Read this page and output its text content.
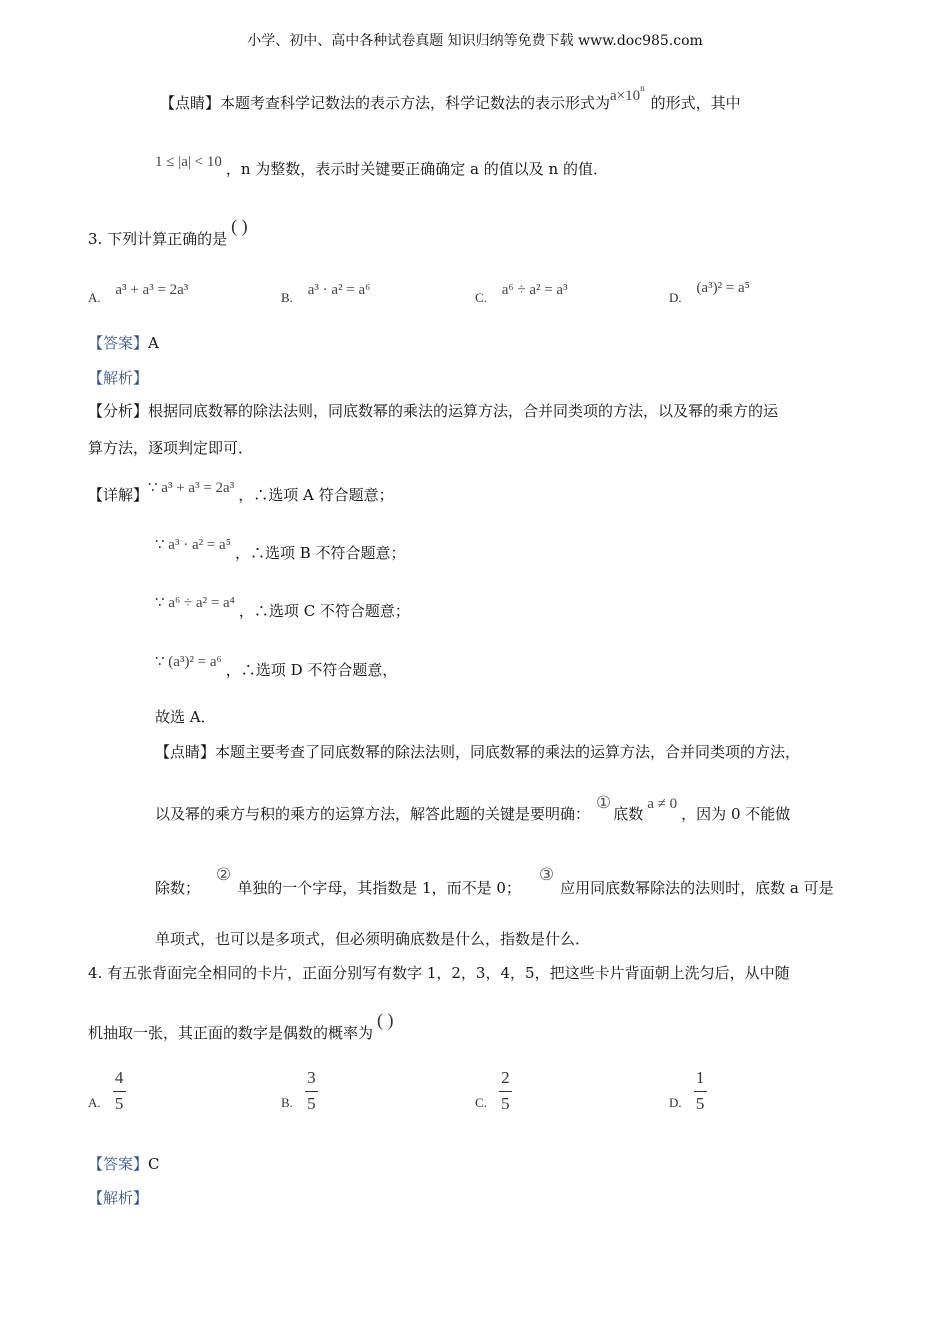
小学、初中、高中各种试卷真题 知识归纳等免费下载 www.doc985.com
【点睛】本题考查科学记数法的表示方法，科学记数法的表示形式为$a\times 10^n$的形式，其中
1 ≤ |a| < 10 ，n 为整数，表示时关键要正确确定 a 的值以及 n 的值．
3. 下列计算正确的是( )
A. a³ + a³ = 2a³	B. a³ · a² = a⁶	C. a⁶ ÷ a² = a³	D. (a³)² = a⁵
【答案】A
【解析】
【分析】根据同底数幂的除法法则，同底数幂的乘法的运算方法，合并同类项的方法，以及幂的乘方的运
算方法，逐项判定即可．
【详解】∵ a³ + a³ = 2a³ ，∴选项 A 符合题意；
∵ a³ · a² = a⁵ ，∴选项 B 不符合题意；
∵ a⁶ ÷ a² = a⁴ ，∴选项 C 不符合题意；
∵ (a³)² = a⁶ ，∴选项 D 不符合题意，
故选 A．
【点睛】本题主要考查了同底数幂的除法法则，同底数幂的乘法的运算方法，合并同类项的方法，
以及幂的乘方与积的乘方的运算方法，解答此题的关键是要明确：①底数a ≠ 0，因为 0 不能做
除数；②单独的一个字母，其指数是 1，而不是 0；③应用同底数幂除法的法则时，底数 a 可是
单项式，也可以是多项式，但必须明确底数是什么，指数是什么．
4. 有五张背面完全相同的卡片，正面分别写有数字 1，2，3，4，5，把这些卡片背面朝上洗匀后，从中随
机抽取一张，其正面的数字是偶数的概率为( )
A. $\frac{4}{5}$	B. $\frac{3}{5}$	C. $\frac{2}{5}$	D. $\frac{1}{5}$
【答案】C
【解析】
